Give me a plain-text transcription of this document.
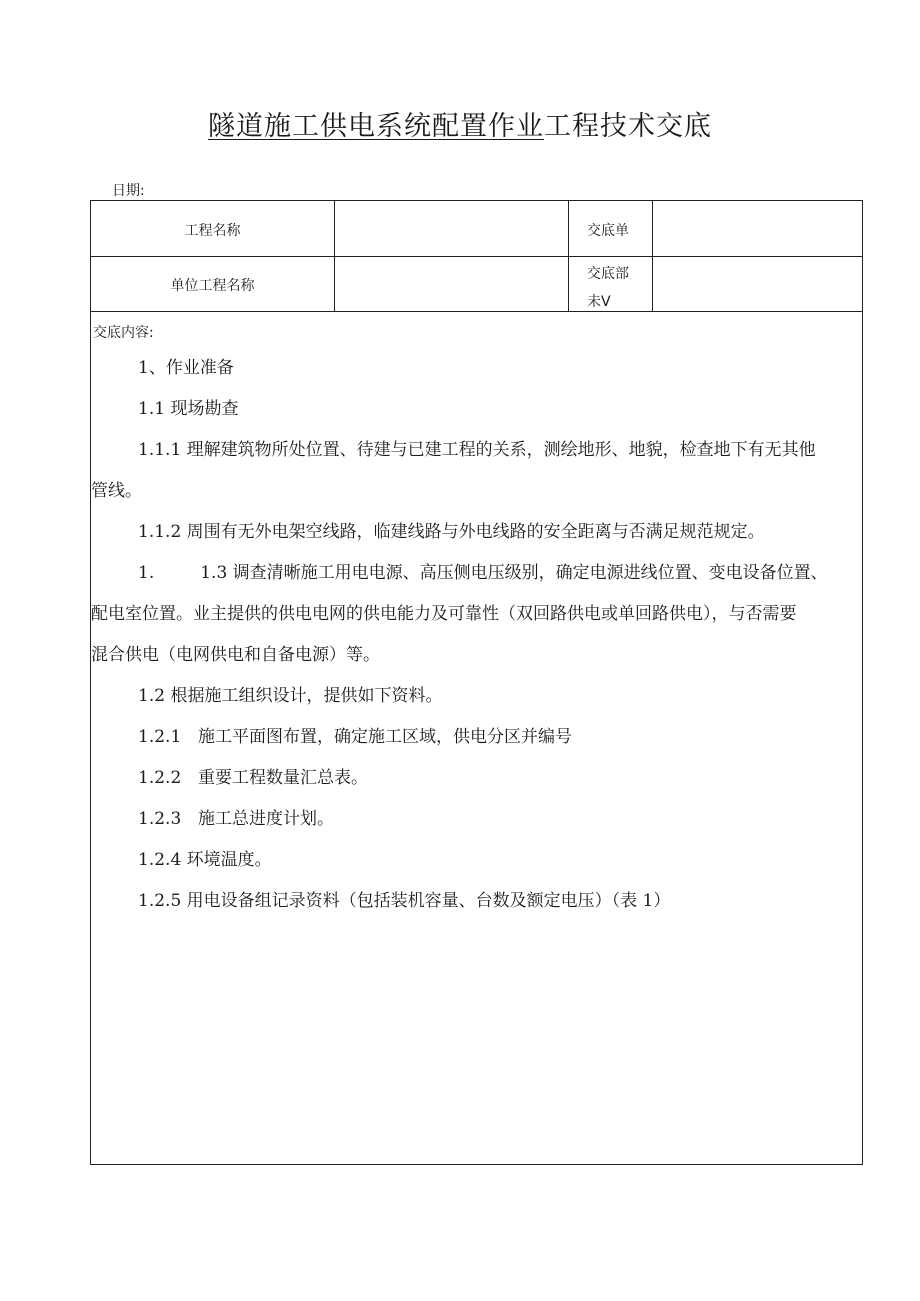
隧道施工供电系统配置作业工程技术交底
日期:
工程名称	交底单
单位工程名称
交底部
未V
交底内容:

1、作业准备

1.1 现场勘查

1.1.1 理解建筑物所处位置、待建与已建工程的关系，测绘地形、地貌，检查地下有无其他
管线。

1.1.2 周围有无外电架空线路，临建线路与外电线路的安全距离与否满足规范规定。

1.	1.3 调查清晰施工用电电源、高压侧电压级别，确定电源进线位置、变电设备位置、
配电室位置。业主提供的供电电网的供电能力及可靠性（双回路供电或单回路供电），与否需要
混合供电（电网供电和自备电源）等。

1.2 根据施工组织设计，提供如下资料。

1.2.1 施工平面图布置，确定施工区域，供电分区并编号

1.2.2 重要工程数量汇总表。

1.2.3 施工总进度计划。

1.2.4 环境温度。

1.2.5 用电设备组记录资料（包括装机容量、台数及额定电压）（表 1）
